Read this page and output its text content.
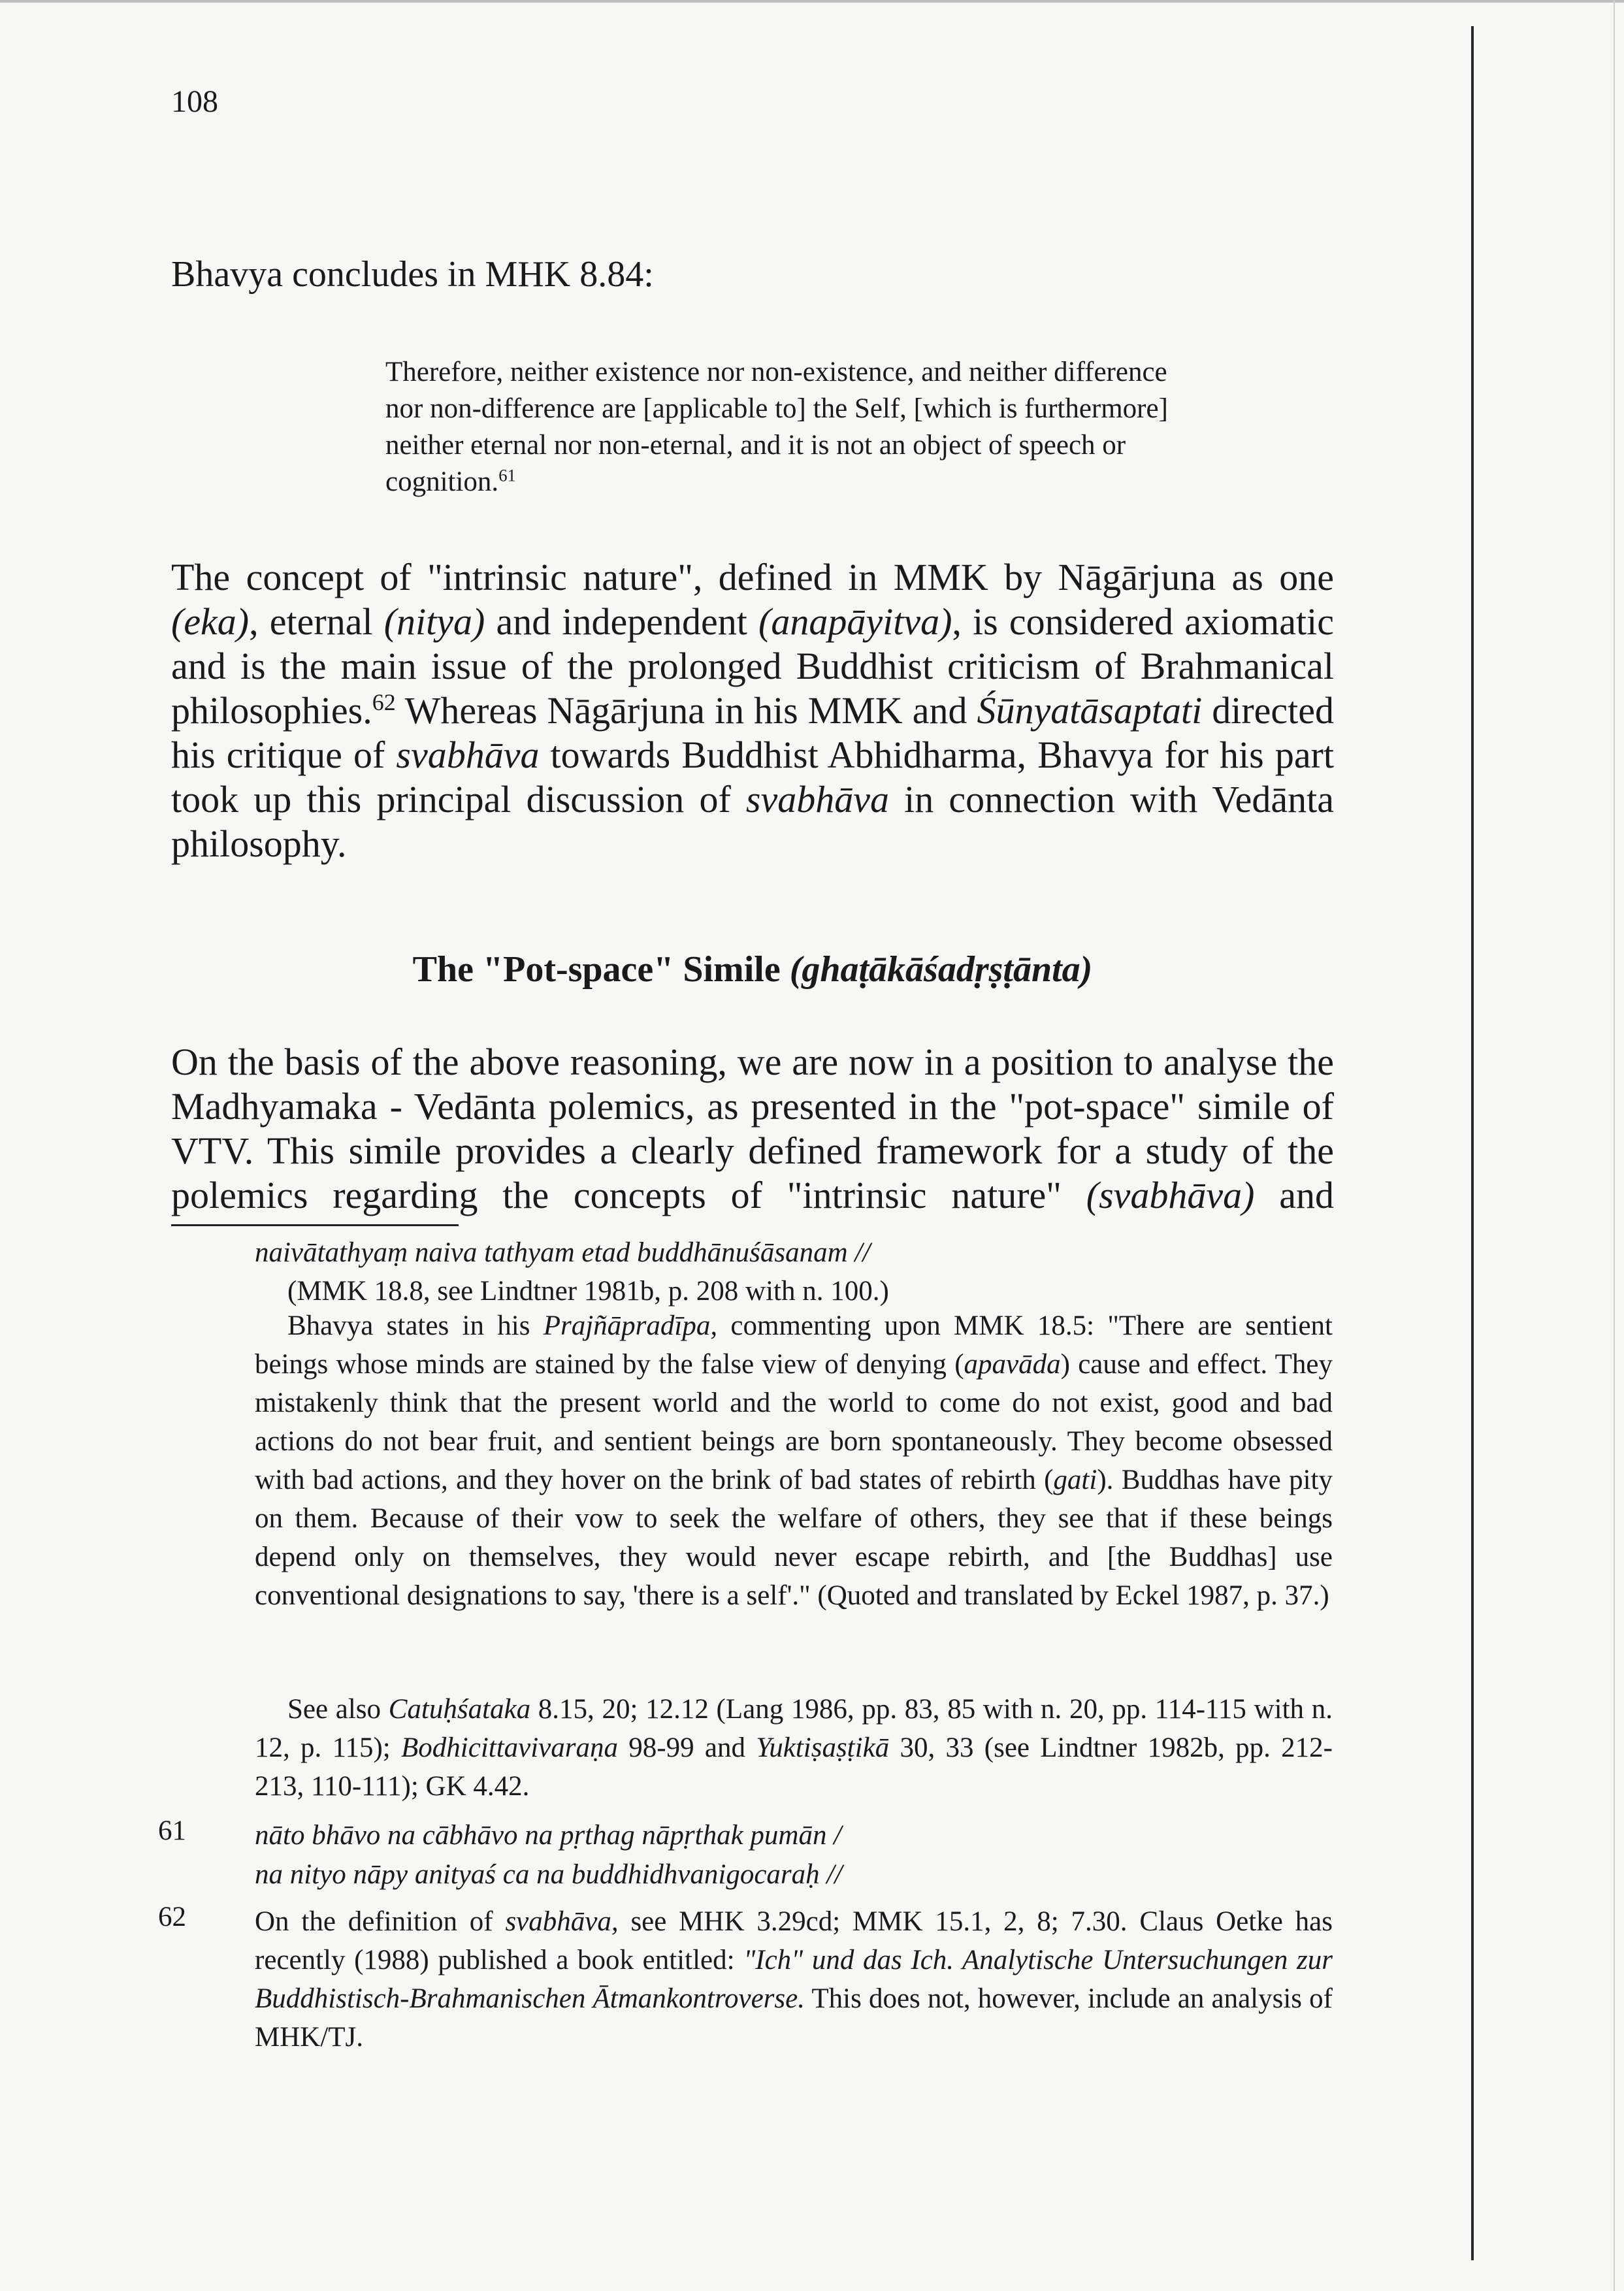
108

Bhavya concludes in MHK 8.84:

Therefore, neither existence nor non-existence, and neither difference nor non-difference are [applicable to] the Self, [which is furthermore] neither eternal nor non-eternal, and it is not an object of speech or cognition.$^{61}$

The concept of "intrinsic nature", defined in MMK by Nāgārjuna as one (eka), eternal (nitya) and independent (anapāyitva), is considered axiomatic and is the main issue of the prolonged Buddhist criticism of Brahmanical philosophies.$^{62}$ Whereas Nāgārjuna in his MMK and Śūnyatāsaptati directed his critique of svabhāva towards Buddhist Abhidharma, Bhavya for his part took up this principal discussion of svabhāva in connection with Vedānta philosophy.

The "Pot-space" Simile (ghaṭākāśadṛṣṭānta)

On the basis of the above reasoning, we are now in a position to analyse the Madhyamaka - Vedānta polemics, as presented in the "pot-space" simile of VTV. This simile provides a clearly defined framework for a study of the polemics regarding the concepts of "intrinsic nature" (svabhāva) and

naivātathyaṃ naiva tathyam etad buddhānuśāsanam //
(MMK 18.8, see Lindtner 1981b, p. 208 with n. 100.)

Bhavya states in his Prajñāpradīpa, commenting upon MMK 18.5: "There are sentient beings whose minds are stained by the false view of denying (apavāda) cause and effect. They mistakenly think that the present world and the world to come do not exist, good and bad actions do not bear fruit, and sentient beings are born spontaneously. They become obsessed with bad actions, and they hover on the brink of bad states of rebirth (gati). Buddhas have pity on them. Because of their vow to seek the welfare of others, they see that if these beings depend only on themselves, they would never escape rebirth, and [the Buddhas] use conventional designations to say, 'there is a self'." (Quoted and translated by Eckel 1987, p. 37.)

See also Catuḥśataka 8.15, 20; 12.12 (Lang 1986, pp. 83, 85 with n. 20, pp. 114-115 with n. 12, p. 115); Bodhicittavivaraṇa 98-99 and Yuktiṣaṣṭikā 30, 33 (see Lindtner 1982b, pp. 212-213, 110-111); GK 4.42.

61 nāto bhāvo na cābhāvo na pṛthag nāpṛthak pumān /
na nityo nāpy anityaś ca na buddhidhvanigocaraḥ //
62 On the definition of svabhāva, see MHK 3.29cd; MMK 15.1, 2, 8; 7.30. Claus Oetke has recently (1988) published a book entitled: "Ich" und das Ich. Analytische Untersuchungen zur Buddhistisch-Brahmanischen Ātmankontroverse. This does not, however, include an analysis of MHK/TJ.
